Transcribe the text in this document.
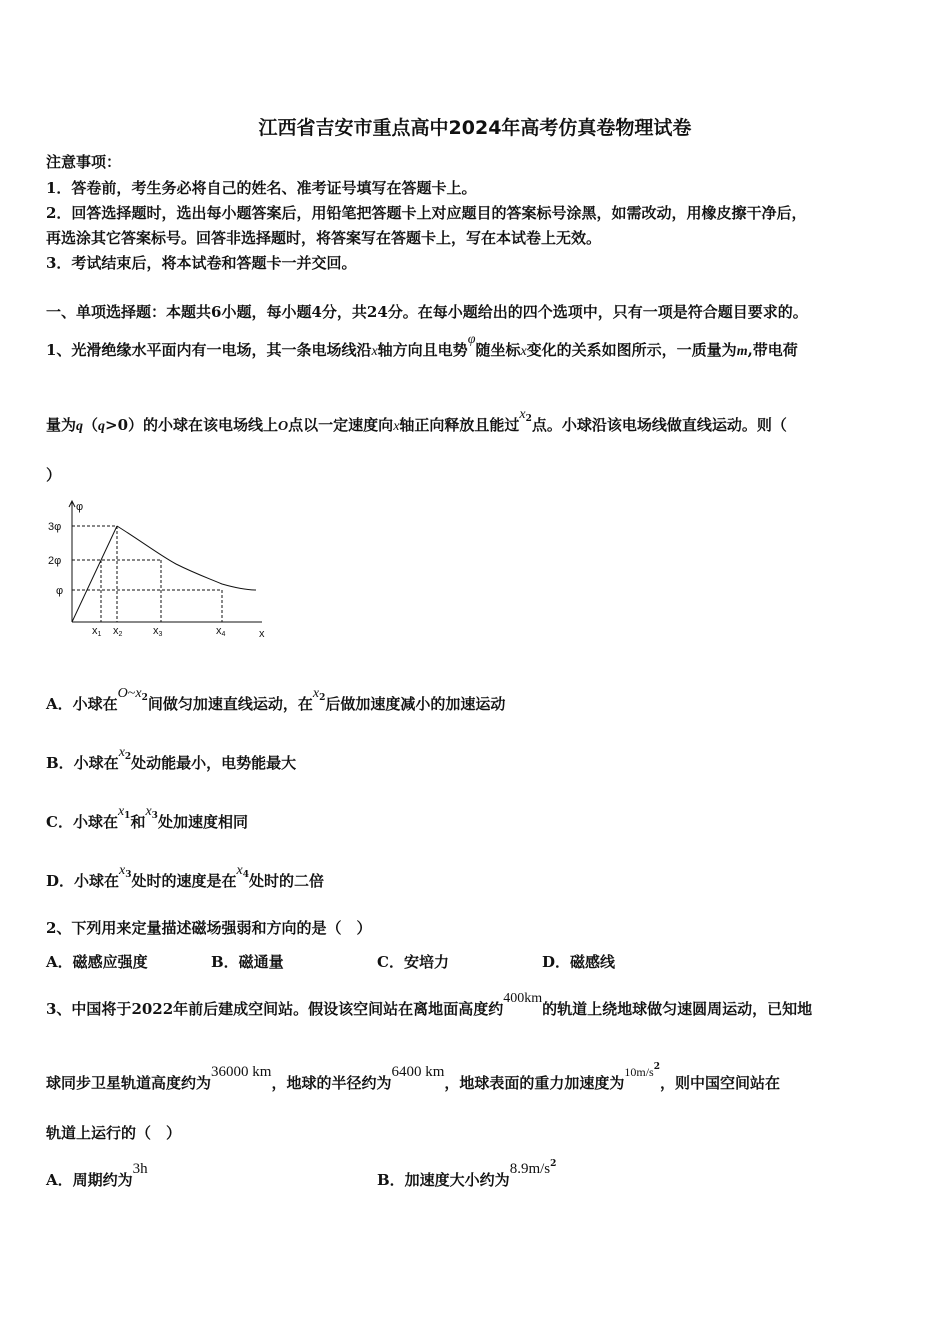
江西省吉安市重点高中2024年高考仿真卷物理试卷
注意事项：
1．答卷前，考生务必将自己的姓名、准考证号填写在答题卡上。
2．回答选择题时，选出每小题答案后，用铅笔把答题卡上对应题目的答案标号涂黑，如需改动，用橡皮擦干净后，
再选涂其它答案标号。回答非选择题时，将答案写在答题卡上，写在本试卷上无效。
3．考试结束后，将本试卷和答题卡一并交回。
一、单项选择题：本题共6小题，每小题4分，共24分。在每小题给出的四个选项中，只有一项是符合题目要求的。
1、光滑绝缘水平面内有一电场，其一条电场线沿x轴方向且电势φ随坐标x变化的关系如图所示，一质量为m,带电荷
量为q（q>0）的小球在该电场线上O点以一定速度向x轴正向释放且能过$x_2$点。小球沿该电场线做直线运动。则（
）
φ
3φ
2φ
φ
x
x1 x2	x3	x4
A．小球在$O\sim x_2$间做匀加速直线运动，在$x_2$后做加速度减小的加速运动
B．小球在$x_2$处动能最小，电势能最大
C．小球在$x_1$和$x_3$处加速度相同
D．小球在$x_3$处时的速度是在$x_4$处时的二倍
2、下列用来定量描述磁场强弱和方向的是（　）
A．磁感应强度	B．磁通量	C．安培力	D．磁感线
3、中国将于2022年前后建成空间站。假设该空间站在离地面高度约400km的轨道上绕地球做匀速圆周运动，已知地
球同步卫星轨道高度约为36000 km，地球的半径约为6400 km，地球表面的重力加速度为$10m/s^2$，则中国空间站在
轨道上运行的（　）
A．周期约为3h
B．加速度大小约为$8.9m/s^2$
